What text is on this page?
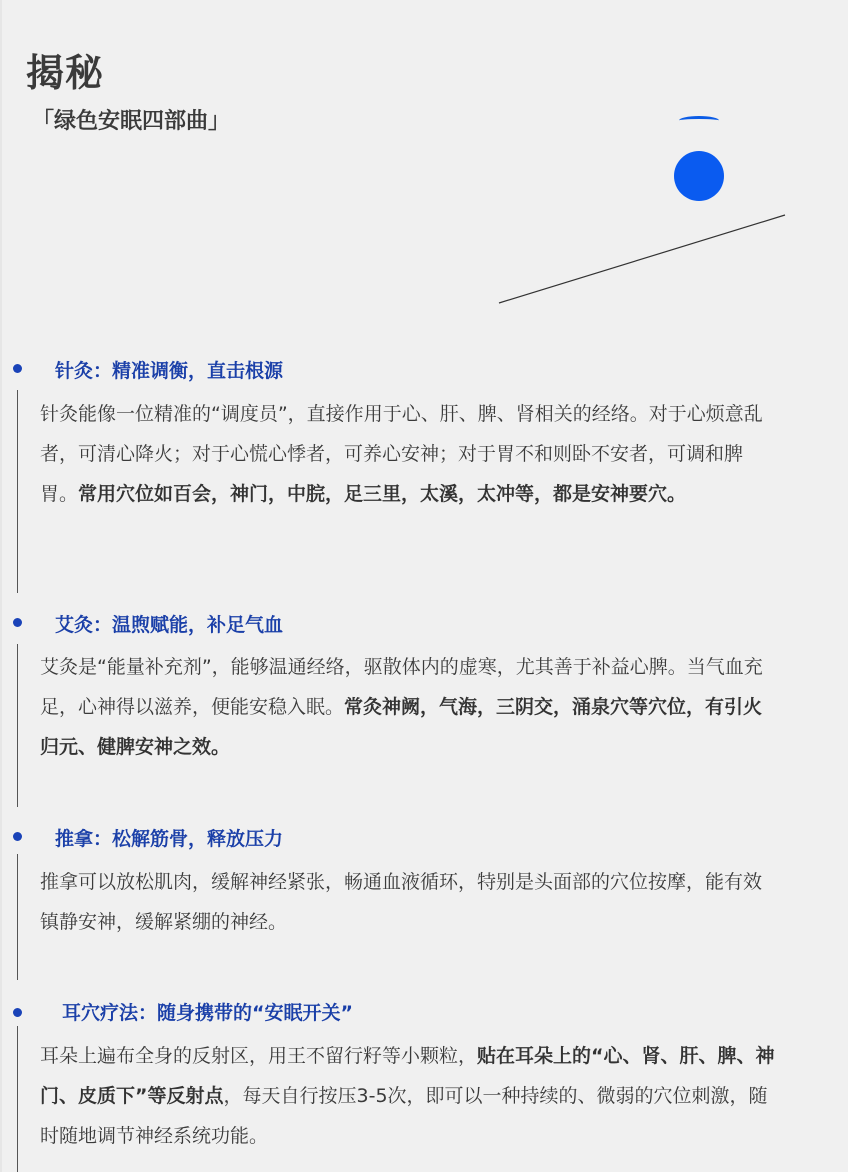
揭秘
「绿色安眠四部曲」
针灸：精准调衡，直击根源
针灸能像一位精准的“调度员”，直接作用于心、肝、脾、肾相关的经络。对于心烦意乱者，可清心降火；对于心慌心悸者，可养心安神；对于胃不和则卧不安者，可调和脾胃。常用穴位如百会，神门，中脘，足三里，太溪，太冲等，都是安神要穴。
艾灸：温煦赋能，补足气血
艾灸是“能量补充剂”，能够温通经络，驱散体内的虚寒，尤其善于补益心脾。当气血充足，心神得以滋养，便能安稳入眠。常灸神阙，气海，三阴交，涌泉穴等穴位，有引火归元、健脾安神之效。
推拿：松解筋骨，释放压力
推拿可以放松肌肉，缓解神经紧张，畅通血液循环，特别是头面部的穴位按摩，能有效镇静安神，缓解紧绷的神经。
耳穴疗法：随身携带的“安眠开关”
耳朵上遍布全身的反射区，用王不留行籽等小颗粒，贴在耳朵上的“心、肾、肝、脾、神门、皮质下”等反射点，每天自行按压3-5次，即可以一种持续的、微弱的穴位刺激，随时随地调节神经系统功能。
